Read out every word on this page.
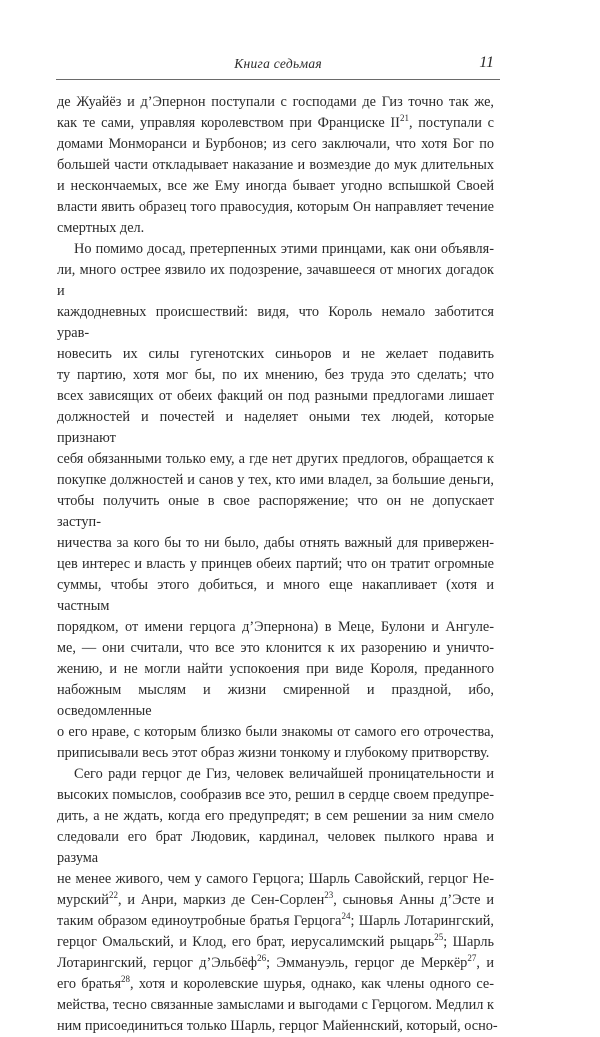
Книга седьмая	11
де Жуайёз и д’Эпернон поступали с господами де Гиз точно так же,
как те сами, управляя королевством при Франциске II$^{21}$, поступали с
домами Монморанси и Бурбонов; из сего заключали, что хотя Бог по
большей части откладывает наказание и возмездие до мук длительных
и нескончаемых, все же Ему иногда бывает угодно вспышкой Своей
власти явить образец того правосудия, которым Он направляет течение
смертных дел.
Но помимо досад, претерпенных этими принцами, как они объявля-
ли, много острее язвило их подозрение, зачавшееся от многих догадок и
каждодневных происшествий: видя, что Король немало заботится урав-
новесить их силы гугенотских синьоров и не желает подавить
ту партию, хотя мог бы, по их мнению, без труда это сделать; что
всех зависящих от обеих факций он под разными предлогами лишает
должностей и почестей и наделяет оными тех людей, которые признают
себя обязанными только ему, а где нет других предлогов, обращается к
покупке должностей и санов у тех, кто ими владел, за большие деньги,
чтобы получить оные в свое распоряжение; что он не допускает заступ-
ничества за кого бы то ни было, дабы отнять важный для привержен-
цев интерес и власть у принцев обеих партий; что он тратит огромные
суммы, чтобы этого добиться, и много еще накапливает (хотя и частным
порядком, от имени герцога д’Эпернона) в Меце, Булони и Ангуле-
ме, — они считали, что все это клонится к их разорению и уничто-
жению, и не могли найти успокоения при виде Короля, преданного
набожным мыслям и жизни смиренной и праздной, ибо, осведомленные
о его нраве, с которым близко были знакомы от самого его отрочества,
приписывали весь этот образ жизни тонкому и глубокому притворству.
Сего ради герцог де Гиз, человек величайшей проницательности и
высоких помыслов, сообразив все это, решил в сердце своем предупре-
дить, а не ждать, когда его предупредят; в сем решении за ним смело
следовали его брат Людовик, кардинал, человек пылкого нрава и разума
не менее живого, чем у самого Герцога; Шарль Савойский, герцог Не-
мурский$^{22}$, и Анри, маркиз де Сен-Сорлен$^{23}$, сыновья Анны д’Эсте и
таким образом единоутробные братья Герцога$^{24}$; Шарль Лотарингский,
герцог Омальский, и Клод, его брат, иерусалимский рыцарь$^{25}$; Шарль
Лотарингский, герцог д’Эльбёф$^{26}$; Эммануэль, герцог де Меркёр$^{27}$, и
его братья$^{28}$, хотя и королевские шурья, однако, как члены одного се-
мейства, тесно связанные замыслами и выгодами с Герцогом. Медлил к
ним присоединиться только Шарль, герцог Майеннский, который, осно-
